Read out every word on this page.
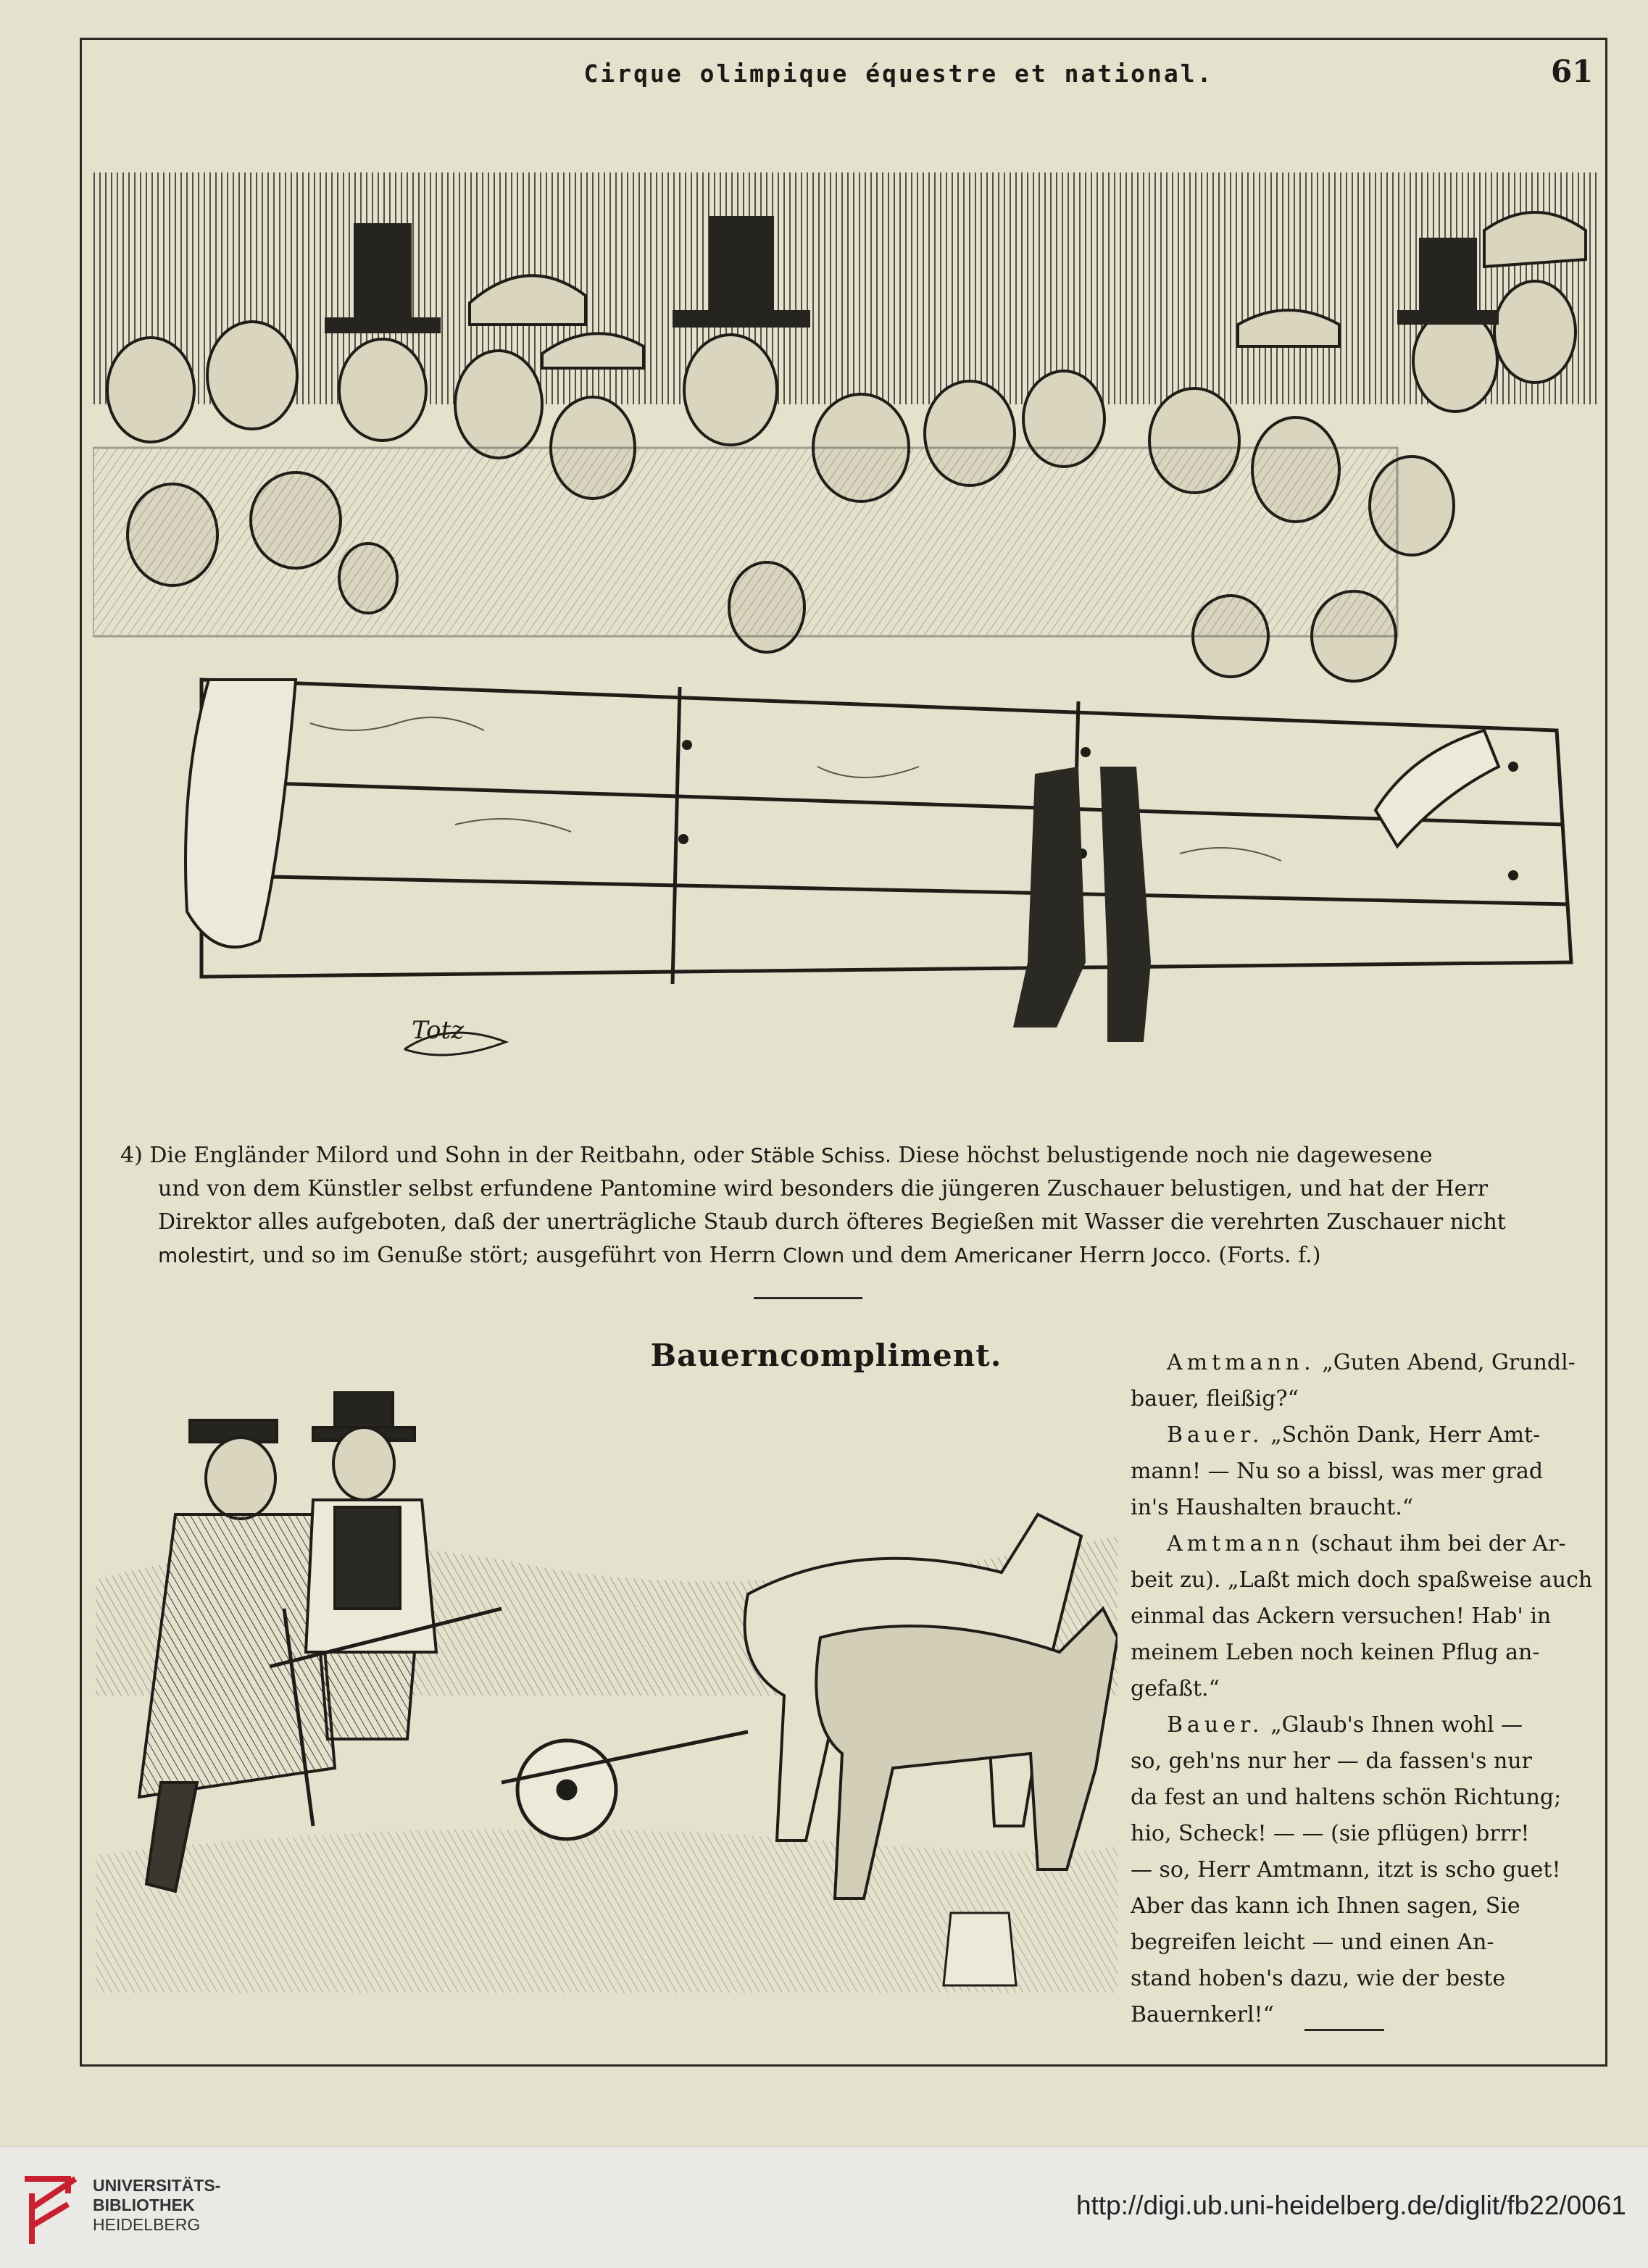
Cirque olimpique équestre et national.	61
Totz
4) Die Engländer Milord und Sohn in der Reitbahn, oder Stäble Schiss. Diese höchst belustigende noch nie dagewesene
und von dem Künstler selbst erfundene Pantomine wird besonders die jüngeren Zuschauer belustigen, und hat der Herr
Direktor alles aufgeboten, daß der unerträgliche Staub durch öfteres Begießen mit Wasser die verehrten Zuschauer nicht
molestirt, und so im Genuße stört; ausgeführt von Herrn Clown und dem Americaner Herrn Jocco. (Forts. f.)
Bauerncompliment.	Amtmann. „Guten Abend, Grundl-
bauer, fleißig?“
Bauer. „Schön Dank, Herr Amt-
mann! — Nu so a bissl, was mer grad
in's Haushalten braucht.“
Amtmann (schaut ihm bei der Ar-
beit zu). „Laßt mich doch spaßweise auch
einmal das Ackern versuchen! Hab' in
meinem Leben noch keinen Pflug an-
gefaßt.“
Bauer. „Glaub's Ihnen wohl —
so, geh'ns nur her — da fassen's nur
da fest an und haltens schön Richtung;
hio, Scheck! — — (sie pflügen) brrr!
— so, Herr Amtmann, itzt is scho guet!
Aber das kann ich Ihnen sagen, Sie
begreifen leicht — und einen An-
stand hoben's dazu, wie der beste
Bauernkerl!“
UNIVERSITÄTS-
BIBLIOTHEK
HEIDELBERG
http://digi.ub.uni-heidelberg.de/diglit/fb22/0061
